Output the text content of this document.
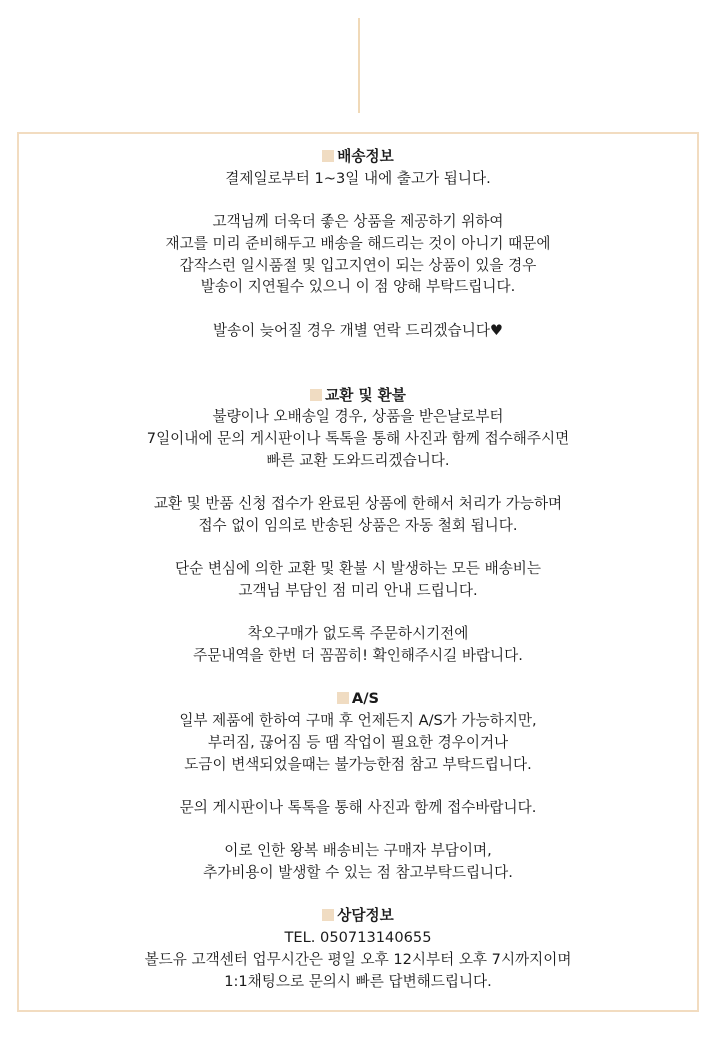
배송정보
결제일로부터 1~3일 내에 출고가 됩니다.
고객님께 더욱더 좋은 상품을 제공하기 위하여
재고를 미리 준비해두고 배송을 해드리는 것이 아니기 때문에
갑작스런 일시품절 및 입고지연이 되는 상품이 있을 경우
발송이 지연될수 있으니 이 점 양해 부탁드립니다.
발송이 늦어질 경우 개별 연락 드리겠습니다♥
교환 및 환불
불량이나 오배송일 경우, 상품을 받은날로부터
7일이내에 문의 게시판이나 톡톡을 통해 사진과 함께 접수해주시면
빠른 교환 도와드리겠습니다.
교환 및 반품 신청 접수가 완료된 상품에 한해서 처리가 가능하며
접수 없이 임의로 반송된 상품은 자동 철회 됩니다.
단순 변심에 의한 교환 및 환불 시 발생하는 모든 배송비는
고객님 부담인 점 미리 안내 드립니다.
착오구매가 없도록 주문하시기전에
주문내역을 한번 더 꼼꼼히! 확인해주시길 바랍니다.
A/S
일부 제품에 한하여 구매 후 언제든지 A/S가 가능하지만,
부러짐, 끊어짐 등 땜 작업이 필요한 경우이거나
도금이 변색되었을때는 불가능한점 참고 부탁드립니다.
문의 게시판이나 톡톡을 통해 사진과 함께 접수바랍니다.
이로 인한 왕복 배송비는 구매자 부담이며,
추가비용이 발생할 수 있는 점 참고부탁드립니다.
상담정보
TEL. 050713140655
볼드유 고객센터 업무시간은 평일 오후 12시부터 오후 7시까지이며
1:1채팅으로 문의시 빠른 답변해드립니다.
